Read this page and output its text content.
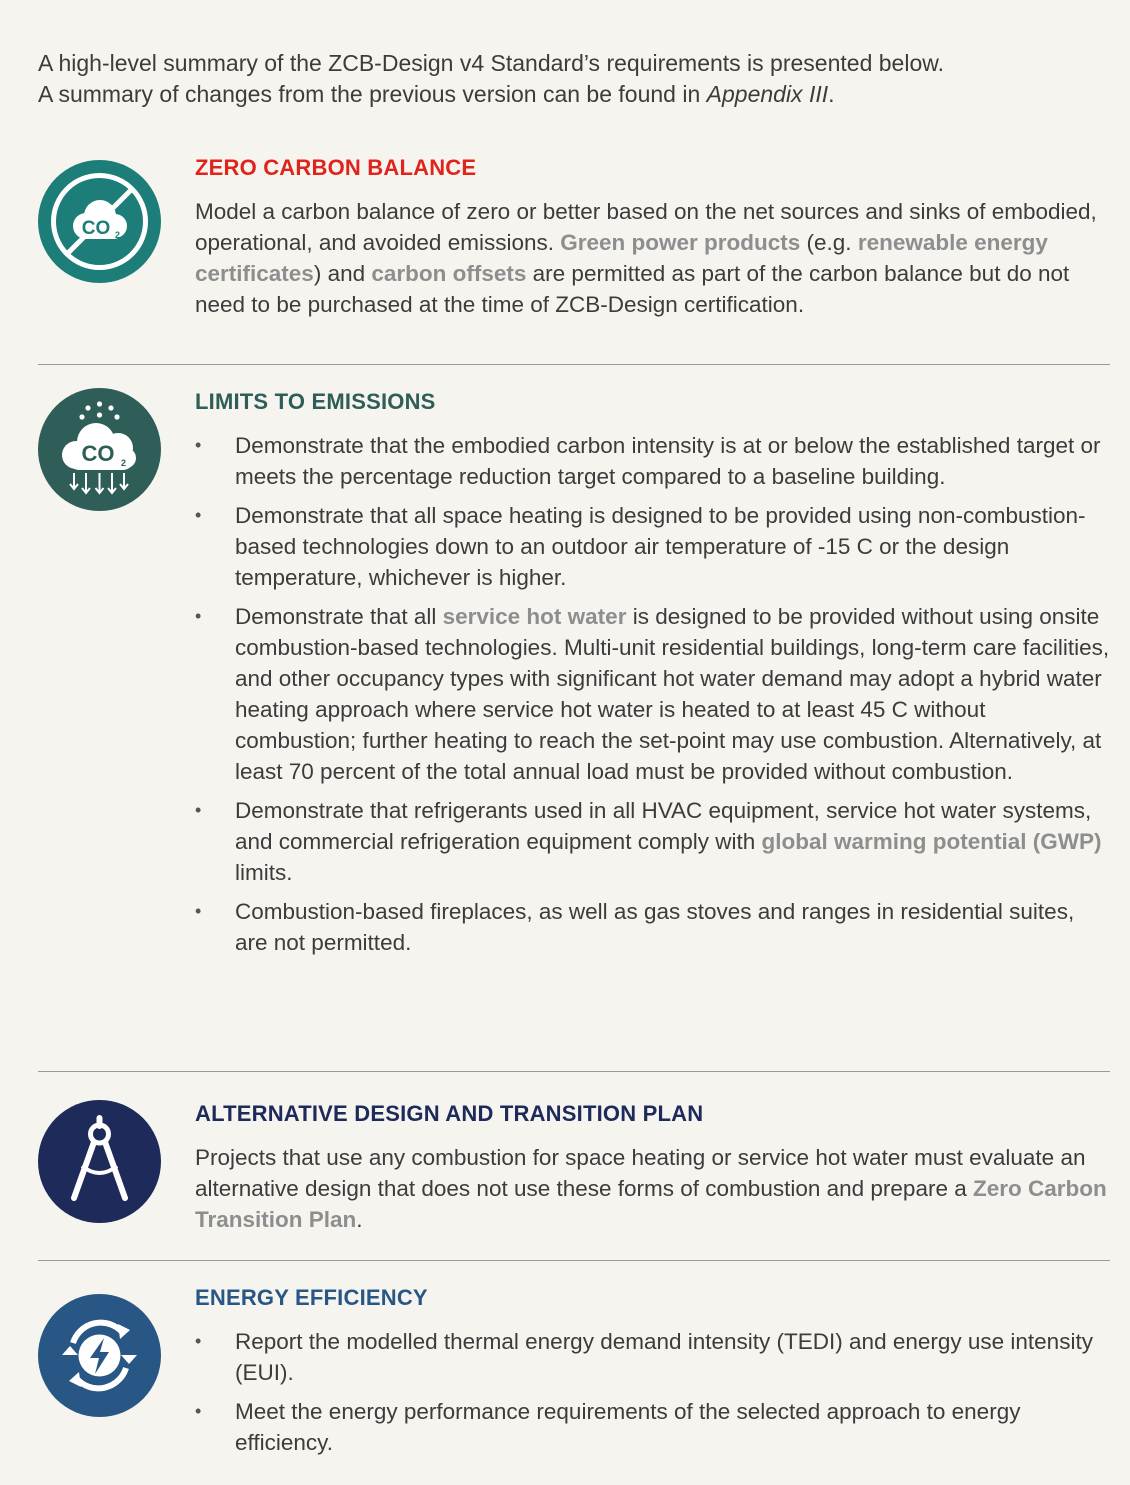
A high-level summary of the ZCB-Design v4 Standard’s requirements is presented below.
A summary of changes from the previous version can be found in Appendix III.
CO 2
ZERO CARBON BALANCE
Model a carbon balance of zero or better based on the net sources and sinks of embodied, operational, and avoided emissions. Green power products (e.g. renewable energy certificates) and carbon offsets are permitted as part of the carbon balance but do not need to be purchased at the time of ZCB-Design certification.
CO 2
LIMITS TO EMISSIONS
• Demonstrate that the embodied carbon intensity is at or below the established target or meets the percentage reduction target compared to a baseline building.
• Demonstrate that all space heating is designed to be provided using non-combustion-based technologies down to an outdoor air temperature of -15 C or the design temperature, whichever is higher.
• Demonstrate that all service hot water is designed to be provided without using onsite combustion-based technologies. Multi-unit residential buildings, long-term care facilities, and other occupancy types with significant hot water demand may adopt a hybrid water heating approach where service hot water is heated to at least 45 C without combustion; further heating to reach the set-point may use combustion. Alternatively, at least 70 percent of the total annual load must be provided without combustion.
• Demonstrate that refrigerants used in all HVAC equipment, service hot water systems, and commercial refrigeration equipment comply with global warming potential (GWP) limits.
• Combustion-based fireplaces, as well as gas stoves and ranges in residential suites, are not permitted.
ALTERNATIVE DESIGN AND TRANSITION PLAN
Projects that use any combustion for space heating or service hot water must evaluate an alternative design that does not use these forms of combustion and prepare a Zero Carbon Transition Plan.
ENERGY EFFICIENCY
• Report the modelled thermal energy demand intensity (TEDI) and energy use intensity (EUI).
• Meet the energy performance requirements of the selected approach to energy efficiency.
